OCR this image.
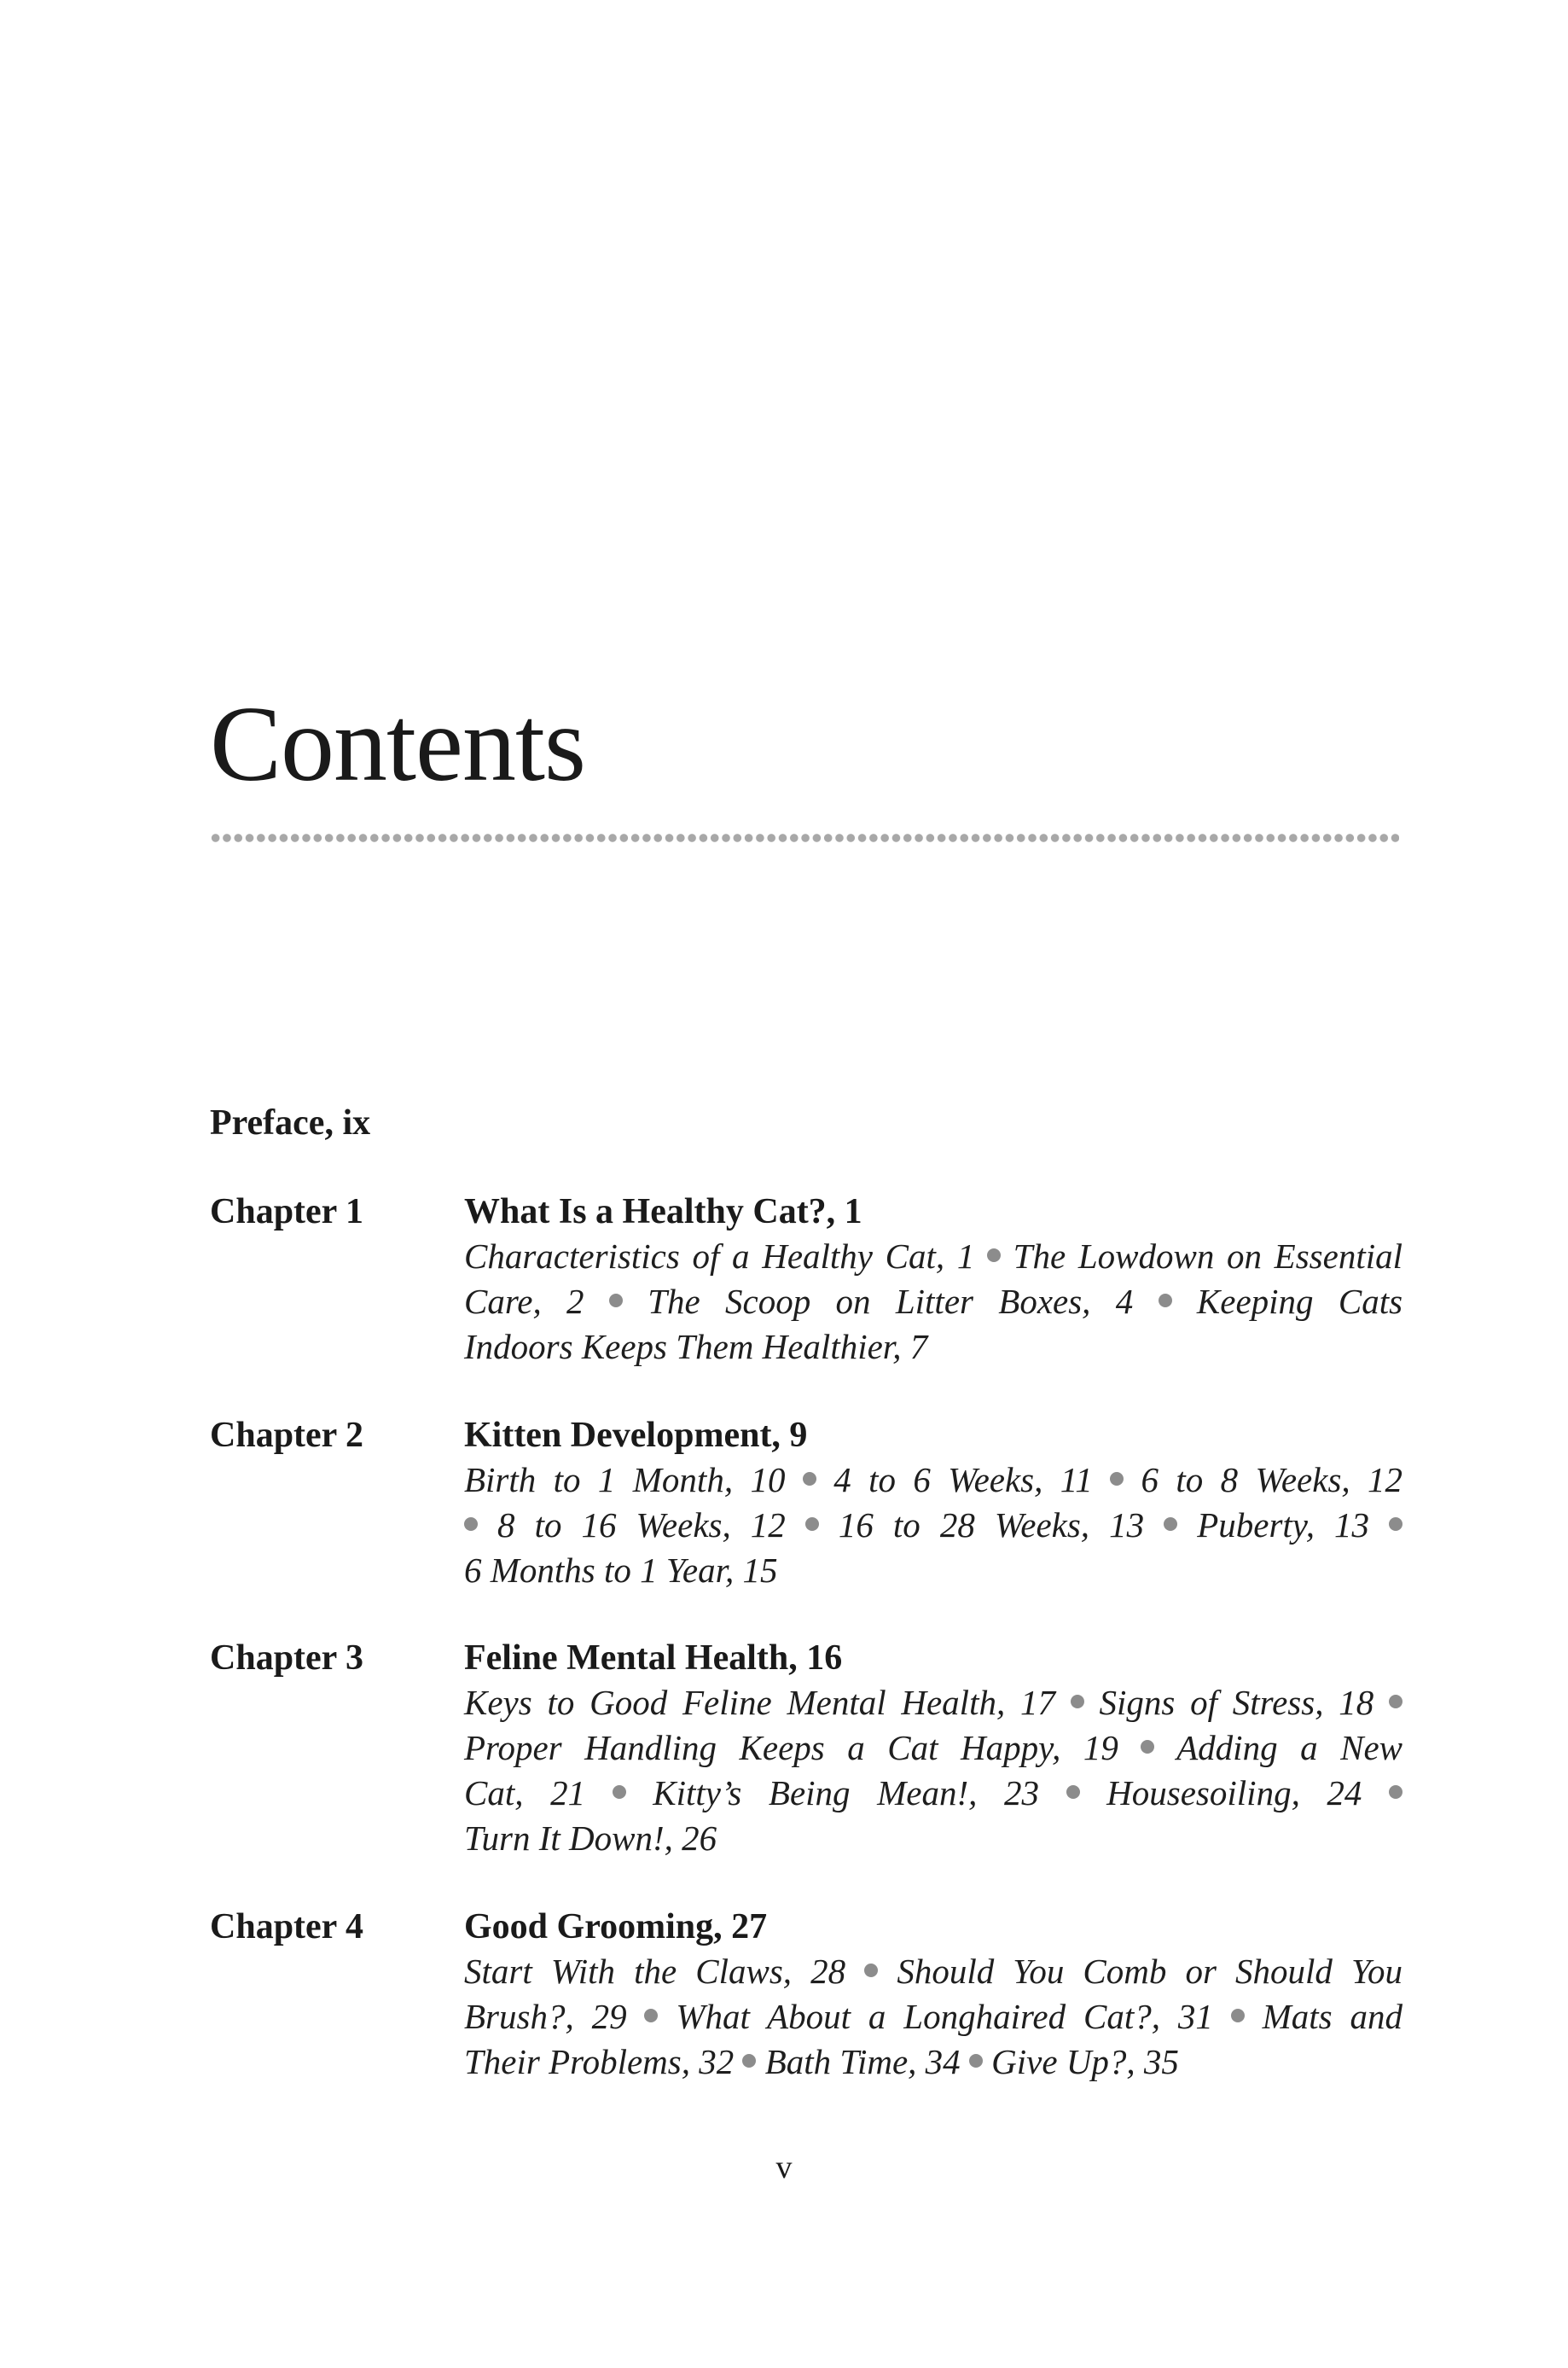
Contents
Preface, ix
Chapter 1	What Is a Healthy Cat?, 1
Characteristics of a Healthy Cat, 1 The Lowdown on Essential
Care, 2 The Scoop on Litter Boxes, 4 Keeping Cats
Indoors Keeps Them Healthier, 7
Chapter 2	Kitten Development, 9
Birth to 1 Month, 10 4 to 6 Weeks, 11 6 to 8 Weeks, 12
8 to 16 Weeks, 12 16 to 28 Weeks, 13 Puberty, 13
6 Months to 1 Year, 15
Chapter 3	Feline Mental Health, 16
Keys to Good Feline Mental Health, 17 Signs of Stress, 18
Proper Handling Keeps a Cat Happy, 19 Adding a New
Cat, 21 Kitty’s Being Mean!, 23 Housesoiling, 24
Turn It Down!, 26
Chapter 4	Good Grooming, 27
Start With the Claws, 28 Should You Comb or Should You
Brush?, 29 What About a Longhaired Cat?, 31 Mats and
Their Problems, 32 Bath Time, 34 Give Up?, 35
v
